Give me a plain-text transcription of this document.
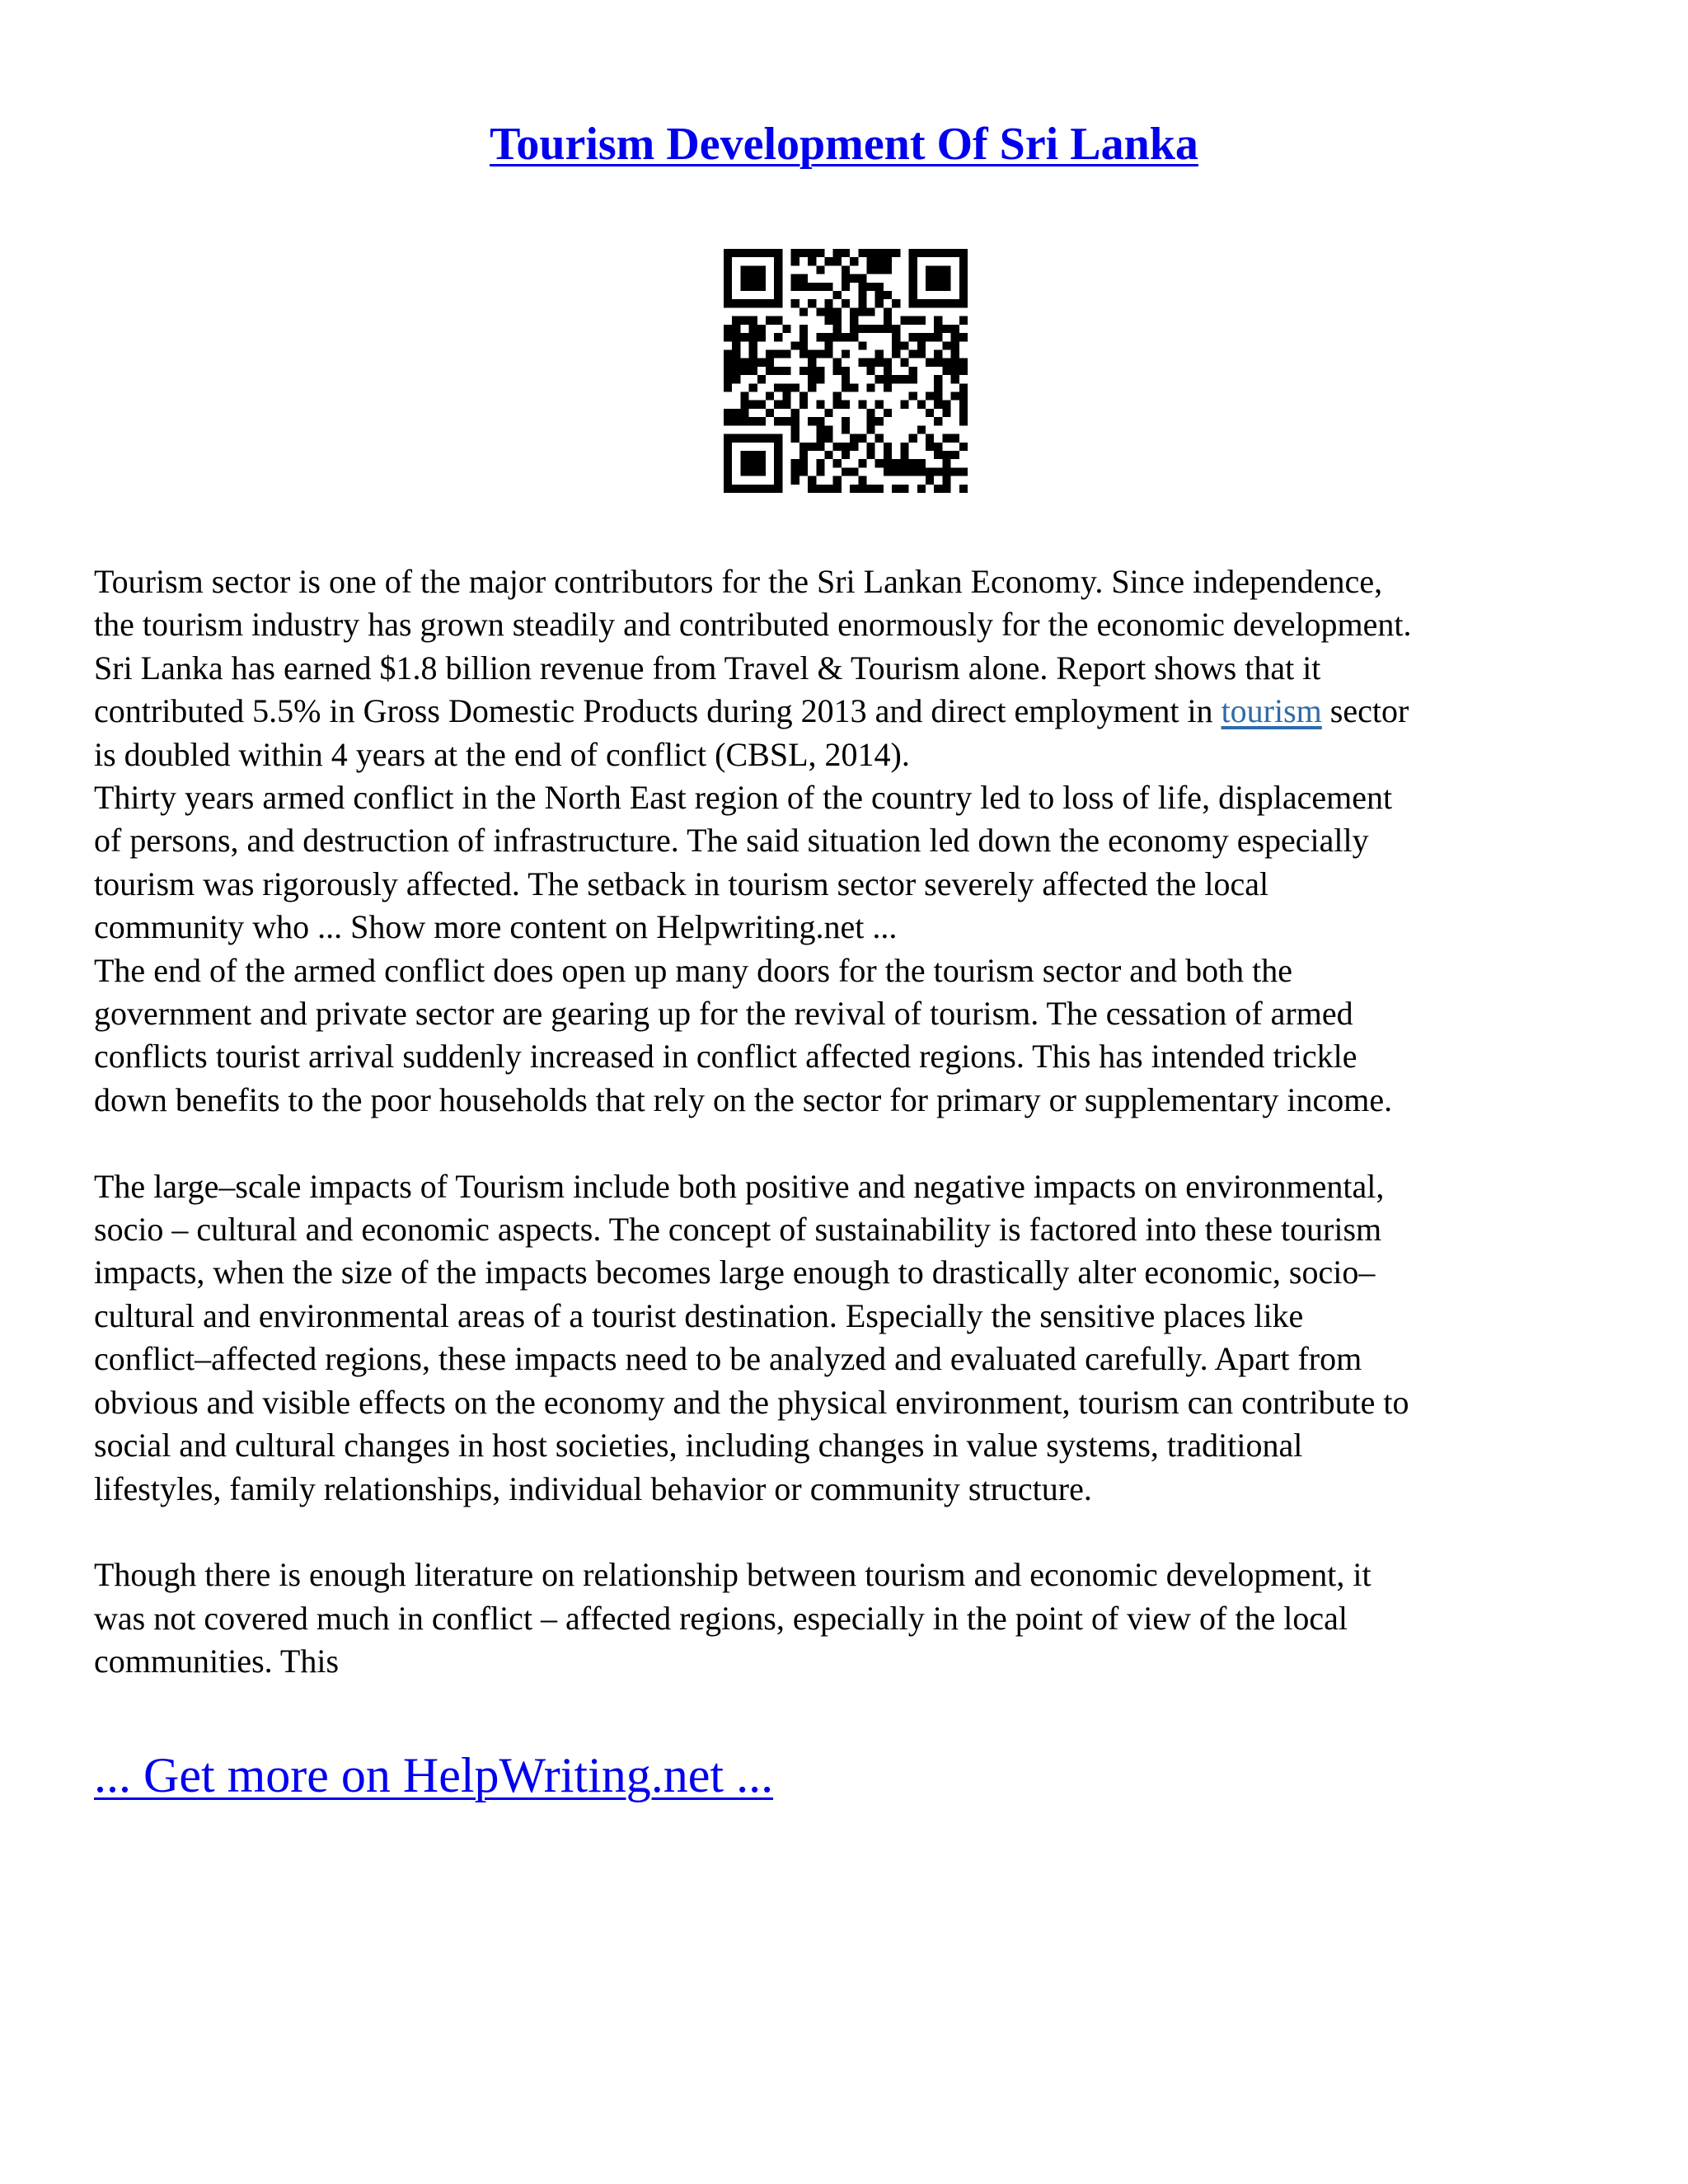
Tourism Development Of Sri Lanka

Tourism sector is one of the major contributors for the Sri Lankan Economy. Since independence,

the tourism industry has grown steadily and contributed enormously for the economic development.

Sri Lanka has earned $1.8 billion revenue from Travel & Tourism alone. Report shows that it

contributed 5.5% in Gross Domestic Products during 2013 and direct employment in tourism sector

is doubled within 4 years at the end of conflict (CBSL, 2014).

Thirty years armed conflict in the North East region of the country led to loss of life, displacement

of persons, and destruction of infrastructure. The said situation led down the economy especially

tourism was rigorously affected. The setback in tourism sector severely affected the local

community who ... Show more content on Helpwriting.net ...

The end of the armed conflict does open up many doors for the tourism sector and both the

government and private sector are gearing up for the revival of tourism. The cessation of armed

conflicts tourist arrival suddenly increased in conflict affected regions. This has intended trickle

down benefits to the poor households that rely on the sector for primary or supplementary income.

The large–scale impacts of Tourism include both positive and negative impacts on environmental,

socio – cultural and economic aspects. The concept of sustainability is factored into these tourism

impacts, when the size of the impacts becomes large enough to drastically alter economic, socio–

cultural and environmental areas of a tourist destination. Especially the sensitive places like

conflict–affected regions, these impacts need to be analyzed and evaluated carefully. Apart from

obvious and visible effects on the economy and the physical environment, tourism can contribute to

social and cultural changes in host societies, including changes in value systems, traditional

lifestyles, family relationships, individual behavior or community structure.

Though there is enough literature on relationship between tourism and economic development, it

was not covered much in conflict – affected regions, especially in the point of view of the local

communities. This

... Get more on HelpWriting.net ...
